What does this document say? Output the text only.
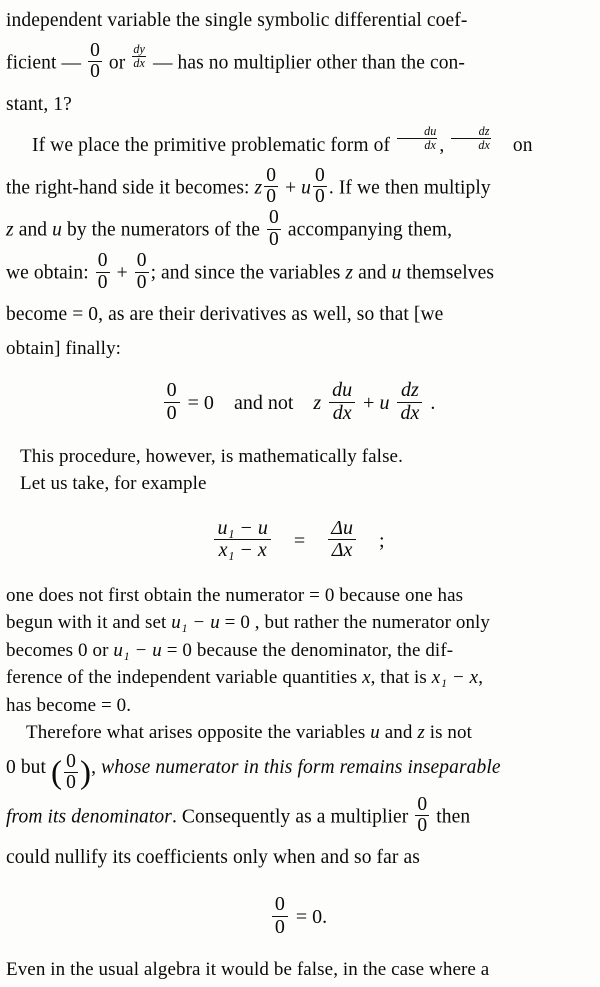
independent variable the single symbolic differential coef-

ficient — $\frac{0}{0}$ or $\frac{dy}{dx}$ — has no multiplier other than the con-

stant, 1?

If we place the primitive problematic form of $\frac{du}{dx}$ , $\frac{dz}{dx}$ on

the right-hand side it becomes: z $\frac{0}{0} + u \frac{0}{0}$ . If we then multiply

z and u by the numerators of the $\frac{0}{0}$ accompanying them,

we obtain: $\frac{0}{0} + \frac{0}{0}$ ; and since the variables z and u themselves

become = 0, as are their derivatives as well, so that [we

obtain] finally:

$\frac{0}{0} = 0$ and not z $\frac{du}{dx} + u \frac{dz}{dx}$ .

This procedure, however, is mathematically false.

Let us take, for example

$\frac{\text{u₁ − u}}{\text{x₁ − x}} = \frac{\Delta u}{\Delta x}$ ;

one does not first obtain the numerator = 0 because one has

begun with it and set u₁ − u = 0 , but rather the numerator only

becomes 0 or u₁ − u = 0 because the denominator, the dif-

ference of the independent variable quantities x, that is x₁ − x,

has become = 0.

Therefore what arises opposite the variables u and z is not

0 but ( $\frac{0}{0}$ ), whose numerator in this form remains inseparable

from its denominator. Consequently as a multiplier $\frac{0}{0}$ then

could nullify its coefficients only when and so far as

$\frac{0}{0} = 0$.

Even in the usual algebra it would be false, in the case where a
